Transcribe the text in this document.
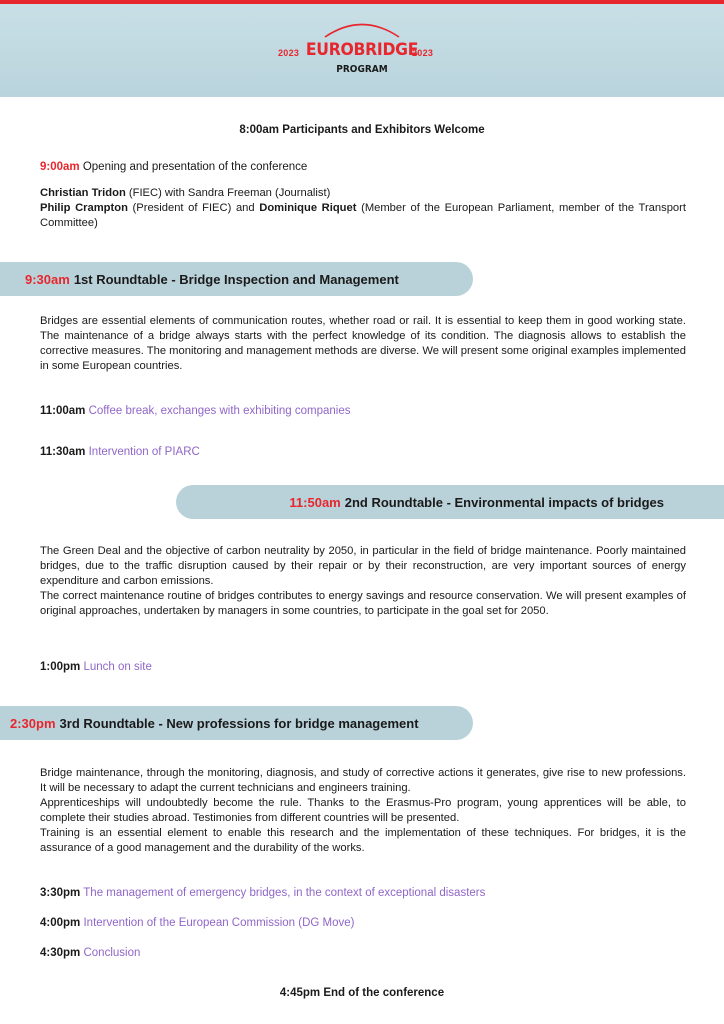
2023 EUROBRIDGE
2023
PROGRAM
8:00am Participants and Exhibitors Welcome
9:00am Opening and presentation of the conference

Christian Tridon (FIEC) with Sandra Freeman (Journalist)

Philip Crampton (President of FIEC) and Dominique Riquet (Member of the European Parliament, member of the Transport Committee)

9:30am 1st Roundtable - Bridge Inspection and Management

Bridges are essential elements of communication routes, whether road or rail. It is essential to keep them in good working state. The maintenance of a bridge always starts with the perfect knowledge of its condition. The diagnosis allows to establish the corrective measures. The monitoring and management methods are diverse. We will present some original examples implemented in some European countries.

11:00am Coffee break, exchanges with exhibiting companies
11:30am Intervention of PIARC
11:50am 2nd Roundtable - Environmental impacts of bridges

The Green Deal and the objective of carbon neutrality by 2050, in particular in the field of bridge maintenance. Poorly maintained bridges, due to the traffic disruption caused by their repair or by their reconstruction, are very important sources of energy expenditure and carbon emissions.

The correct maintenance routine of bridges contributes to energy savings and resource conservation. We will present examples of original approaches, undertaken by managers in some countries, to participate in the goal set for 2050.

1:00pm Lunch on site
2:30pm 3rd Roundtable - New professions for bridge management

Bridge maintenance, through the monitoring, diagnosis, and study of corrective actions it generates, give rise to new professions. It will be necessary to adapt the current technicians and engineers training.

Apprenticeships will undoubtedly become the rule. Thanks to the Erasmus-Pro program, young apprentices will be able, to complete their studies abroad. Testimonies from different countries will be presented.

Training is an essential element to enable this research and the implementation of these techniques. For bridges, it is the assurance of a good management and the durability of the works.

3:30pm The management of emergency bridges, in the context of exceptional disasters
4:00pm Intervention of the European Commission (DG Move)
4:30pm Conclusion
4:45pm End of the conference
